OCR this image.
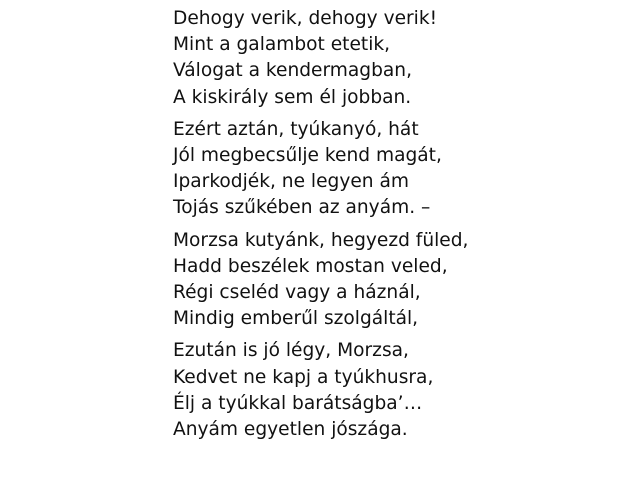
Dehogy verik, dehogy verik!
Mint a galambot etetik,
Válogat a kendermagban,
A kiskirály sem él jobban.
Ezért aztán, tyúkanyó, hát
Jól megbecsűlje kend magát,
Iparkodjék, ne legyen ám
Tojás szűkében az anyám. –
Morzsa kutyánk, hegyezd füled,
Hadd beszélek mostan veled,
Régi cseléd vagy a háznál,
Mindig emberűl szolgáltál,
Ezután is jó légy, Morzsa,
Kedvet ne kapj a tyúkhusra,
Élj a tyúkkal barátságba’…
Anyám egyetlen jószága.
